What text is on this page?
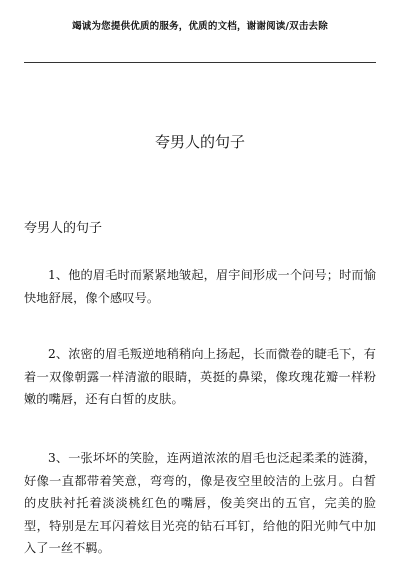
竭诚为您提供优质的服务，优质的文档，谢谢阅读/双击去除
夸男人的句子
夸男人的句子
1、他的眉毛时而紧紧地皱起，眉宇间形成一个问号；时而愉快地舒展，像个感叹号。
2、浓密的眉毛叛逆地稍稍向上扬起，长而微卷的睫毛下，有着一双像朝露一样清澈的眼睛，英挺的鼻梁，像玫瑰花瓣一样粉嫩的嘴唇，还有白皙的皮肤。
3、一张坏坏的笑脸，连两道浓浓的眉毛也泛起柔柔的涟漪，好像一直都带着笑意，弯弯的，像是夜空里皎洁的上弦月。白皙的皮肤衬托着淡淡桃红色的嘴唇，俊美突出的五官，完美的脸型，特别是左耳闪着炫目光亮的钻石耳钉，给他的阳光帅气中加入了一丝不羁。
